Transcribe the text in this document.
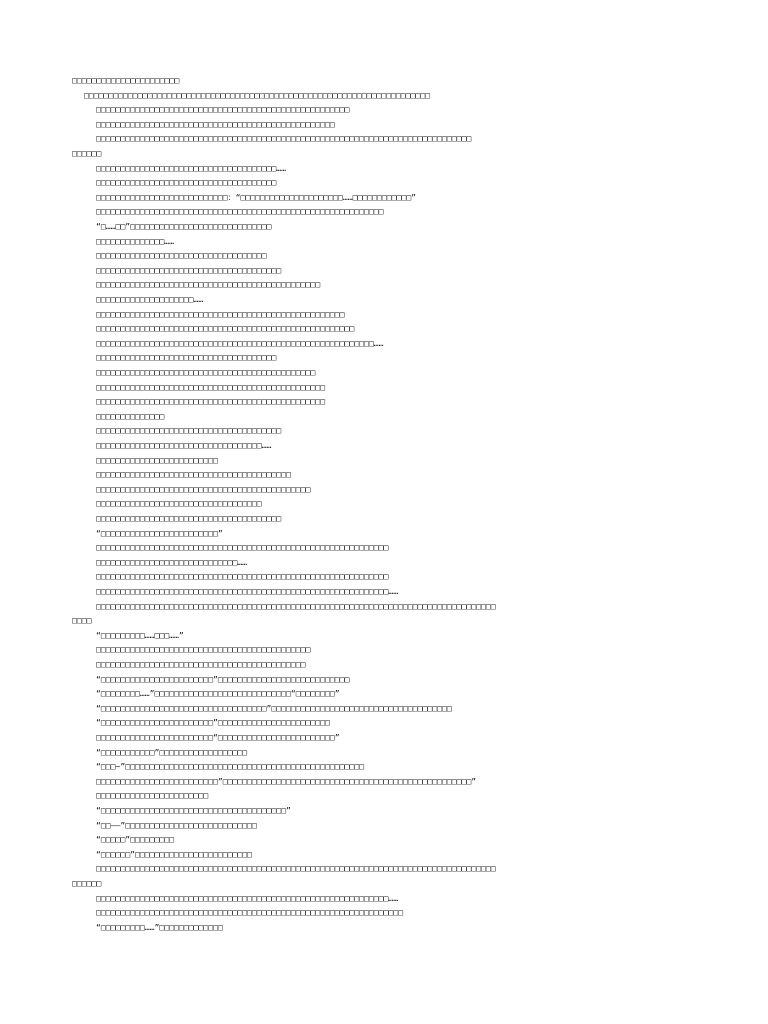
□□□□□□□□□□□□□□□□□□□□□□
□□□□□□□□□□□□□□□□□□□□□□□□□□□□□□□□□□□□□□□□□□□□□□□□□□□□□□□□□□□□□□□□□□□□□□□
□□□□□□□□□□□□□□□□□□□□□□□□□□□□□□□□□□□□□□□□□□□□□□□□□□□□
□□□□□□□□□□□□□□□□□□□□□□□□□□□□□□□□□□□□□□□□□□□□□□□□□
□□□□□□□□□□□□□□□□□□□□□□□□□□□□□□□□□□□□□□□□□□□□□□□□□□□□□□□□□□□□□□□□□□□□□□□□□□□□□
□□□□□□
□□□□□□□□□□□□□□□□□□□□□□□□□□□□□□□□□□□□□……
□□□□□□□□□□□□□□□□□□□□□□□□□□□□□□□□□□□□□
□□□□□□□□□□□□□□□□□□□□□□□□□□□：“□□□□□□□□□□□□□□□□□□□□□……□□□□□□□□□□□□”
□□□□□□□□□□□□□□□□□□□□□□□□□□□□□□□□□□□□□□□□□□□□□□□□□□□□□□□□□□□
“□……□□”□□□□□□□□□□□□□□□□□□□□□□□□□□□□□
□□□□□□□□□□□□□□……
□□□□□□□□□□□□□□□□□□□□□□□□□□□□□□□□□□□
□□□□□□□□□□□□□□□□□□□□□□□□□□□□□□□□□□□□□□
□□□□□□□□□□□□□□□□□□□□□□□□□□□□□□□□□□□□□□□□□□□□□□
□□□□□□□□□□□□□□□□□□□□……
□□□□□□□□□□□□□□□□□□□□□□□□□□□□□□□□□□□□□□□□□□□□□□□□□□□
□□□□□□□□□□□□□□□□□□□□□□□□□□□□□□□□□□□□□□□□□□□□□□□□□□□□□
□□□□□□□□□□□□□□□□□□□□□□□□□□□□□□□□□□□□□□□□□□□□□□□□□□□□□□□□□……
□□□□□□□□□□□□□□□□□□□□□□□□□□□□□□□□□□□□□
□□□□□□□□□□□□□□□□□□□□□□□□□□□□□□□□□□□□□□□□□□□□□
□□□□□□□□□□□□□□□□□□□□□□□□□□□□□□□□□□□□□□□□□□□□□□□
□□□□□□□□□□□□□□□□□□□□□□□□□□□□□□□□□□□□□□□□□□□□□□□
□□□□□□□□□□□□□□
□□□□□□□□□□□□□□□□□□□□□□□□□□□□□□□□□□□□□□
□□□□□□□□□□□□□□□□□□□□□□□□□□□□□□□□□□……
□□□□□□□□□□□□□□□□□□□□□□□□□
□□□□□□□□□□□□□□□□□□□□□□□□□□□□□□□□□□□□□□□□
□□□□□□□□□□□□□□□□□□□□□□□□□□□□□□□□□□□□□□□□□□□□
□□□□□□□□□□□□□□□□□□□□□□□□□□□□□□□□□□
□□□□□□□□□□□□□□□□□□□□□□□□□□□□□□□□□□□□□□
“□□□□□□□□□□□□□□□□□□□□□□□□”
□□□□□□□□□□□□□□□□□□□□□□□□□□□□□□□□□□□□□□□□□□□□□□□□□□□□□□□□□□□□
□□□□□□□□□□□□□□□□□□□□□□□□□□□□□……
□□□□□□□□□□□□□□□□□□□□□□□□□□□□□□□□□□□□□□□□□□□□□□□□□□□□□□□□□□□□
□□□□□□□□□□□□□□□□□□□□□□□□□□□□□□□□□□□□□□□□□□□□□□□□□□□□□□□□□□□□……
□□□□□□□□□□□□□□□□□□□□□□□□□□□□□□□□□□□□□□□□□□□□□□□□□□□□□□□□□□□□□□□□□□□□□□□□□□□□□□□□□□
□□□□
“□□□□□□□□□……□□□……”
□□□□□□□□□□□□□□□□□□□□□□□□□□□□□□□□□□□□□□□□□□□□
□□□□□□□□□□□□□□□□□□□□□□□□□□□□□□□□□□□□□□□□□□□
“□□□□□□□□□□□□□□□□□□□□□□□”□□□□□□□□□□□□□□□□□□□□□□□□□□□
“□□□□□□□□……”□□□□□□□□□□□□□□□□□□□□□□□□□□□□“□□□□□□□□”
“□□□□□□□□□□□□□□□□□□□□□□□□□□□□□□□□□□”□□□□□□□□□□□□□□□□□□□□□□□□□□□□□□□□□□□□□
“□□□□□□□□□□□□□□□□□□□□□□□”□□□□□□□□□□□□□□□□□□□□□□□
□□□□□□□□□□□□□□□□□□□□□□□□“□□□□□□□□□□□□□□□□□□□□□□□□”
“□□□□□□□□□□□”□□□□□□□□□□□□□□□□□□
“□□□~”□□□□□□□□□□□□□□□□□□□□□□□□□□□□□□□□□□□□□□□□□□□□□□□□□
□□□□□□□□□□□□□□□□□□□□□□□□□”□□□□□□□□□□□□□□□□□□□□□□□□□□□□□□□□□□□□□□□□□□□□□□□□□□□”
□□□□□□□□□□□□□□□□□□□□□□□
“□□□□□□□□□□□□□□□□□□□□□□□□□□□□□□□□□□□□□□”
“□□——”□□□□□□□□□□□□□□□□□□□□□□□□□□□
“□□□□□”□□□□□□□□□
“□□□□□□”□□□□□□□□□□□□□□□□□□□□□□□□
□□□□□□□□□□□□□□□□□□□□□□□□□□□□□□□□□□□□□□□□□□□□□□□□□□□□□□□□□□□□□□□□□□□□□□□□□□□□□□□□□□
□□□□□□
□□□□□□□□□□□□□□□□□□□□□□□□□□□□□□□□□□□□□□□□□□□□□□□□□□□□□□□□□□□□……
□□□□□□□□□□□□□□□□□□□□□□□□□□□□□□□□□□□□□□□□□□□□□□□□□□□□□□□□□□□□□□□
“□□□□□□□□□……”□□□□□□□□□□□□□
